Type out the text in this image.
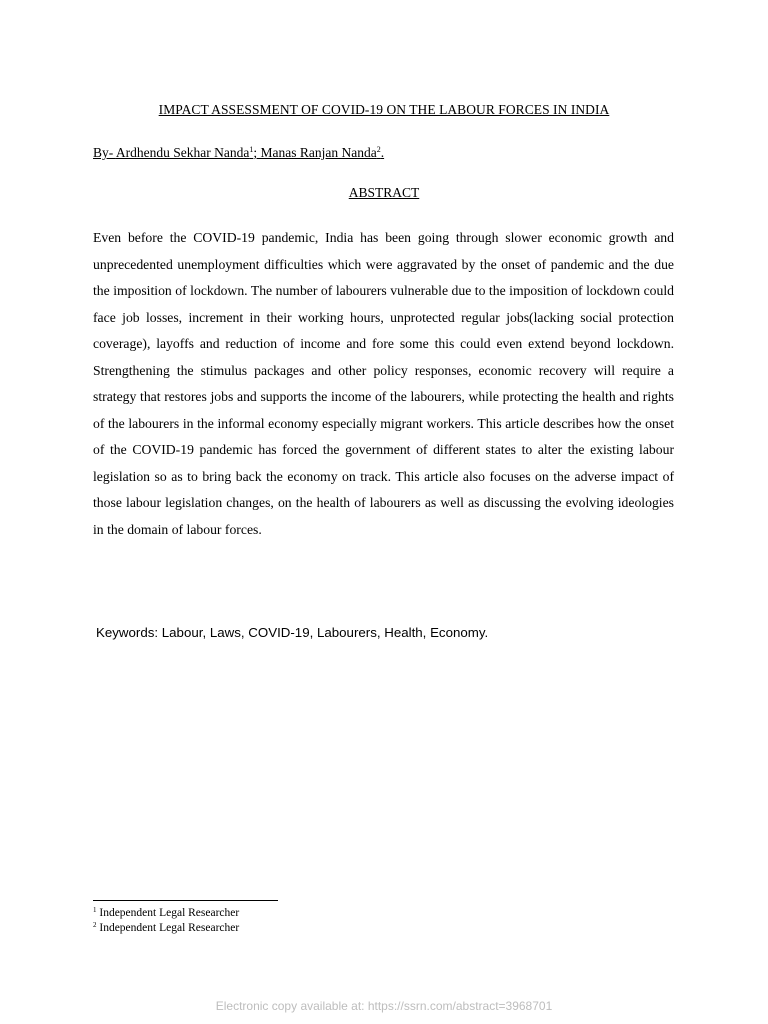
IMPACT ASSESSMENT OF COVID-19 ON THE LABOUR FORCES IN INDIA
By- Ardhendu Sekhar Nanda$^1$; Manas Ranjan Nanda$^2$.
ABSTRACT

Even before the COVID-19 pandemic, India has been going through slower economic growth and unprecedented unemployment difficulties which were aggravated by the onset of pandemic and the due the imposition of lockdown. The number of labourers vulnerable due to the imposition of lockdown could face job losses, increment in their working hours, unprotected regular jobs(lacking social protection coverage), layoffs and reduction of income and fore some this could even extend beyond lockdown. Strengthening the stimulus packages and other policy responses, economic recovery will require a strategy that restores jobs and supports the income of the labourers, while protecting the health and rights of the labourers in the informal economy especially migrant workers. This article describes how the onset of the COVID-19 pandemic has forced the government of different states to alter the existing labour legislation so as to bring back the economy on track. This article also focuses on the adverse impact of those labour legislation changes, on the health of labourers as well as discussing the evolving ideologies in the domain of labour forces.

Keywords: Labour, Laws, COVID-19, Labourers, Health, Economy.
$^1$ Independent Legal Researcher
$^2$ Independent Legal Researcher
Electronic copy available at: https://ssrn.com/abstract=3968701
